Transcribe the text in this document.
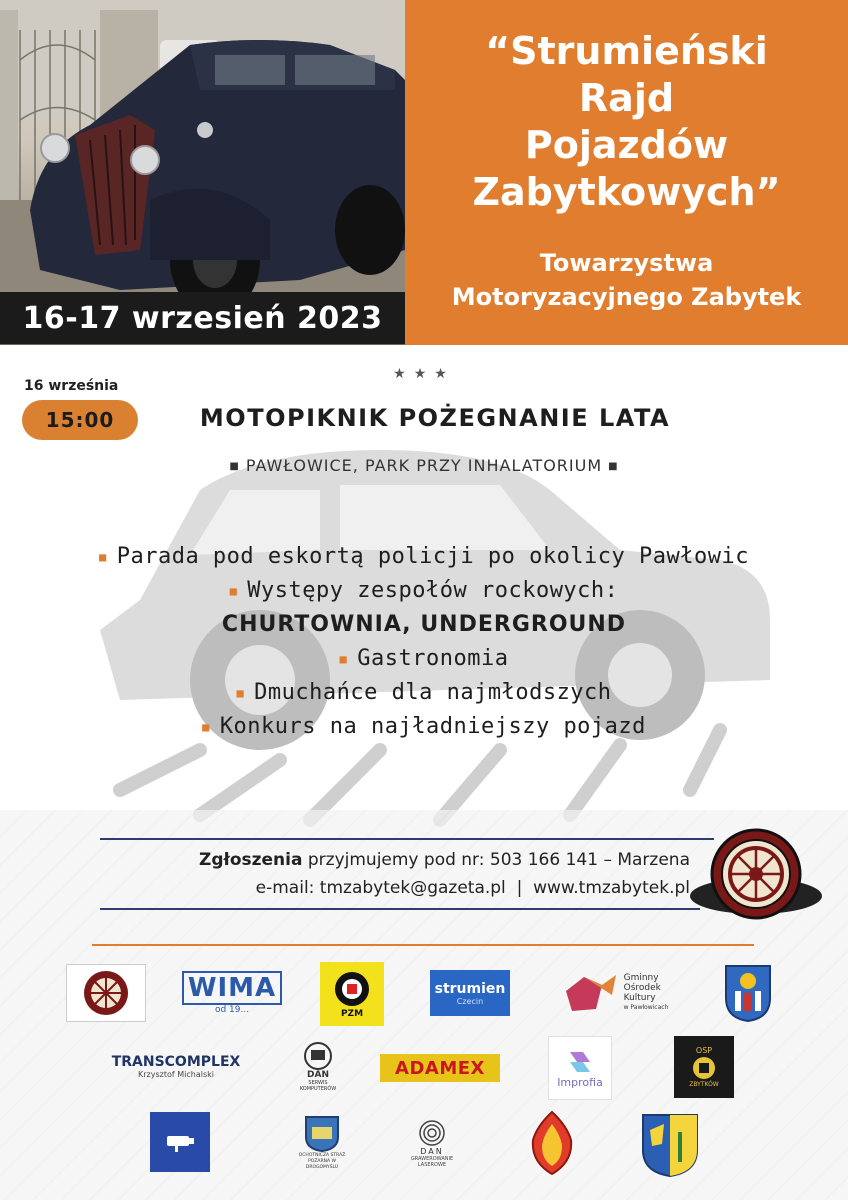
16-17 wrzesień 2023
“Strumieński
Rajd
Pojazdów
Zabytkowych”
Towarzystwa
Motoryzacyjnego Zabytek
★★★
16 września
15:00	MOTOPIKNIK POŻEGNANIE LATA
■ PAWŁOWICE, PARK PRZY INHALATORIUM ■
■ Parada pod eskortą policji po okolicy Pawłowic
■ Występy zespołów rockowych:
CHURTOWNIA, UNDERGROUND
■ Gastronomia
■ Dmuchańce dla najmłodszych
■ Konkurs na najładniejszy pojazd
Zgłoszenia przyjmujemy pod nr: 503 166 141 – Marzena
e-mail: tmzabytek@gazeta.pl  |  www.tmzabytek.pl
WIMA
od 19...	PZM
strumien
Czecin
Gminny
Ośrodek
Kultury
w Pawłowicach
TRANSCOMPLEX
Krzysztof Michalski	DAN
SERWIS KOMPUTERÓW
ADAMEX
Improfia
OSP
ZBYTKÓW
OCHOTNICZA STRAŻ POŻARNA W DROGOMYŚLU
DAN
GRAWEROWANIE LASEROWE
